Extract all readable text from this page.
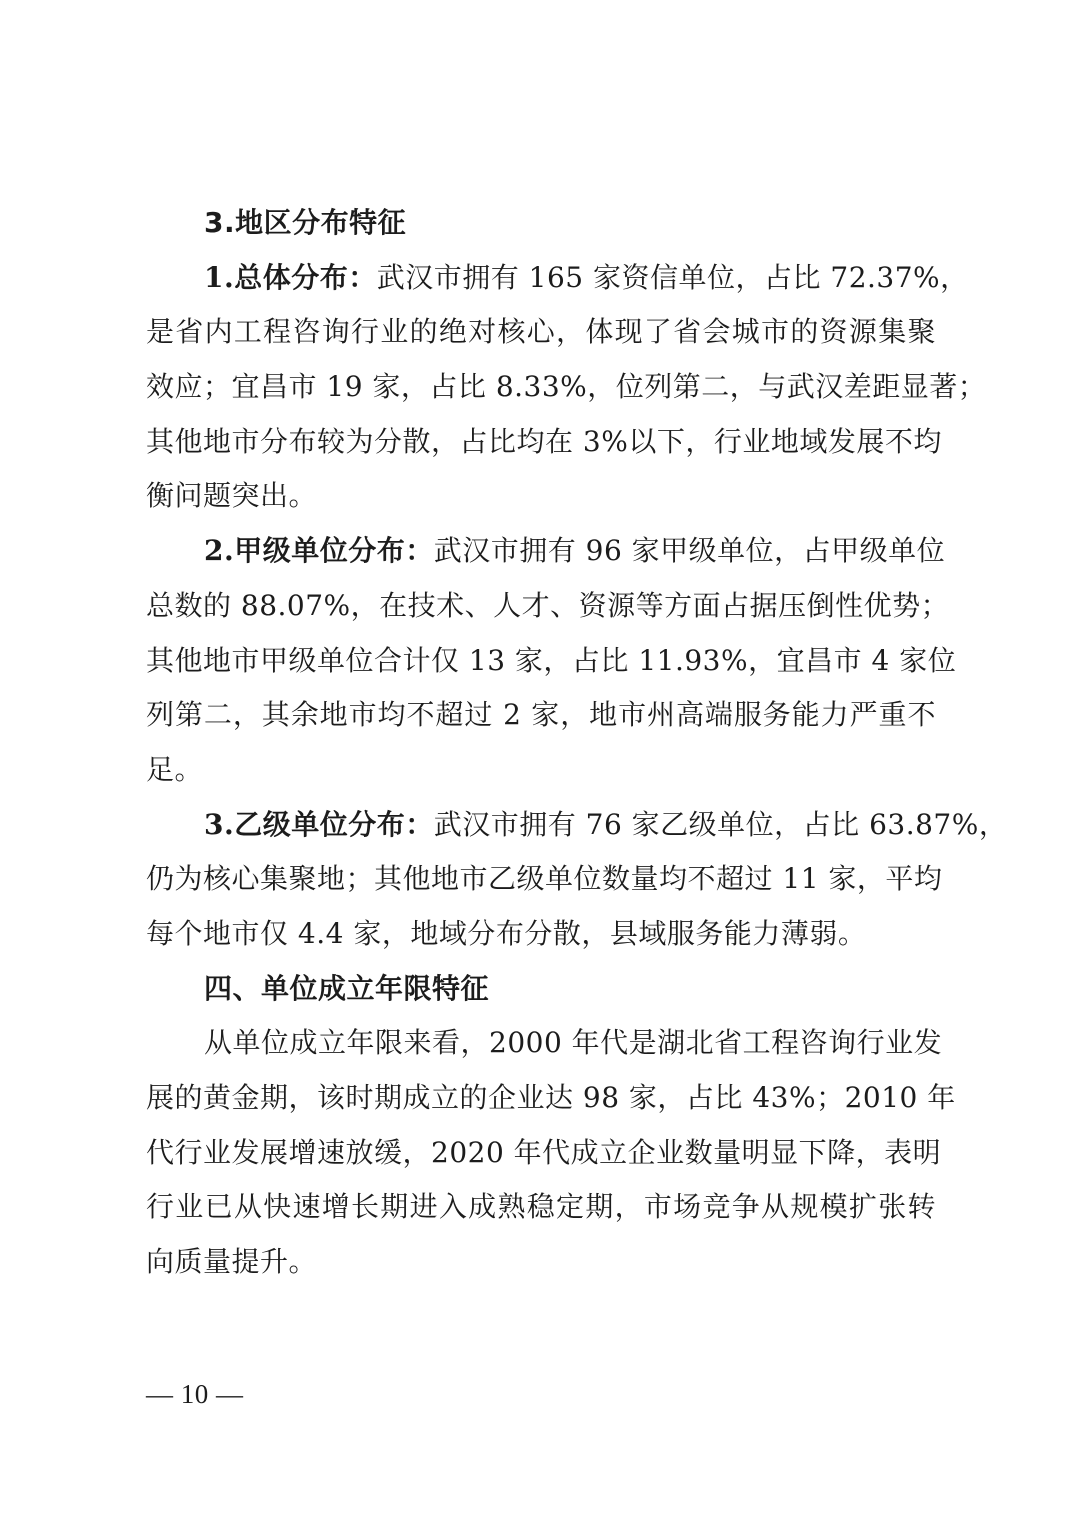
3.地区分布特征
1.总体分布：武汉市拥有 165 家资信单位，占比 72.37%，
是省内工程咨询行业的绝对核心，体现了省会城市的资源集聚
效应；宜昌市 19 家，占比 8.33%，位列第二，与武汉差距显著；
其他地市分布较为分散，占比均在 3%以下，行业地域发展不均
衡问题突出。
2.甲级单位分布：武汉市拥有 96 家甲级单位，占甲级单位
总数的 88.07%，在技术、人才、资源等方面占据压倒性优势；
其他地市甲级单位合计仅 13 家，占比 11.93%，宜昌市 4 家位
列第二，其余地市均不超过 2 家，地市州高端服务能力严重不
足。
3.乙级单位分布：武汉市拥有 76 家乙级单位，占比 63.87%，
仍为核心集聚地；其他地市乙级单位数量均不超过 11 家，平均
每个地市仅 4.4 家，地域分布分散，县域服务能力薄弱。
四、单位成立年限特征
从单位成立年限来看，2000 年代是湖北省工程咨询行业发
展的黄金期，该时期成立的企业达 98 家，占比 43%；2010 年
代行业发展增速放缓，2020 年代成立企业数量明显下降，表明
行业已从快速增长期进入成熟稳定期，市场竞争从规模扩张转
向质量提升。
— 10 —
